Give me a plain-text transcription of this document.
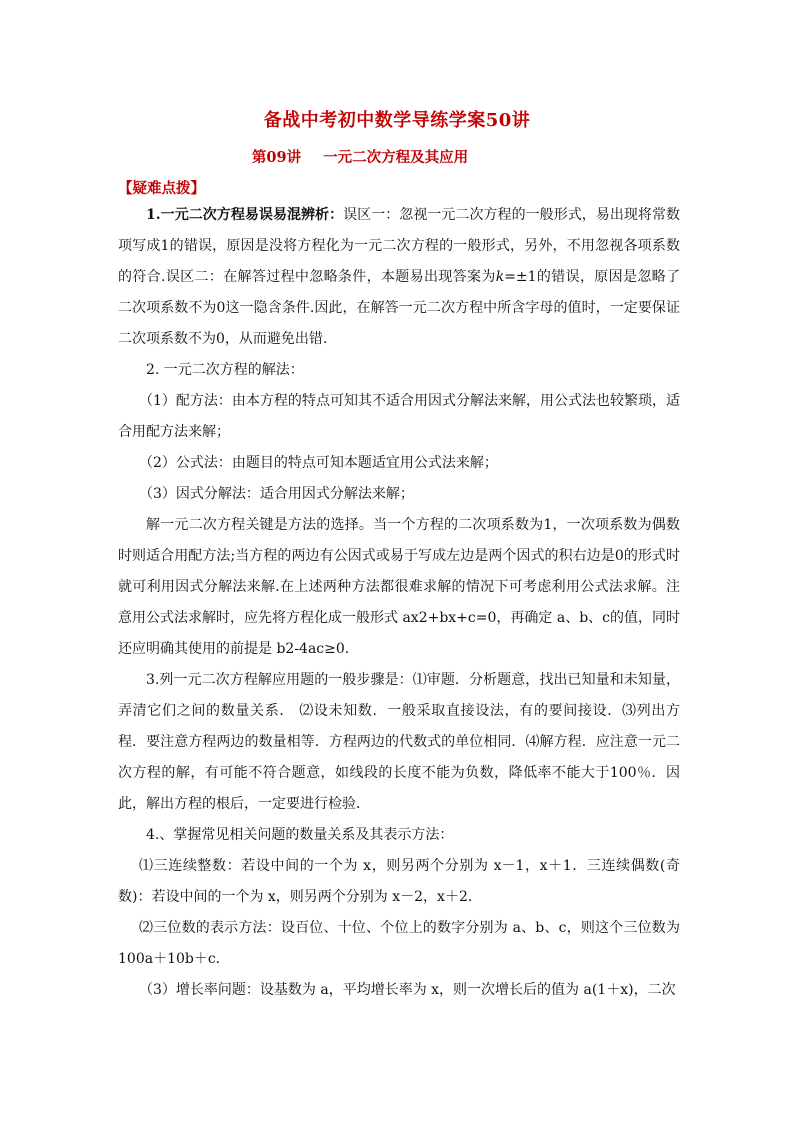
备战中考初中数学导练学案50讲
第09讲 一元二次方程及其应用
【疑难点拨】

1.一元二次方程易误易混辨析：误区一：忽视一元二次方程的一般形式，易出现将常数项写成1的错误，原因是没将方程化为一元二次方程的一般形式，另外，不用忽视各项系数的符合.误区二：在解答过程中忽略条件，本题易出现答案为k=±1的错误，原因是忽略了二次项系数不为0这一隐含条件.因此，在解答一元二次方程中所含字母的值时，一定要保证二次项系数不为0，从而避免出错.

2. 一元二次方程的解法：

（1）配方法：由本方程的特点可知其不适合用因式分解法来解，用公式法也较繁琐，适合用配方法来解；

（2）公式法：由题目的特点可知本题适宜用公式法来解；

（3）因式分解法：适合用因式分解法来解；

解一元二次方程关键是方法的选择。当一个方程的二次项系数为1，一次项系数为偶数时则适合用配方法;当方程的两边有公因式或易于写成左边是两个因式的积右边是0的形式时就可利用因式分解法来解.在上述两种方法都很难求解的情况下可考虑利用公式法求解。注意用公式法求解时，应先将方程化成一般形式 ax2+bx+c=0，再确定 a、b、c的值，同时还应明确其使用的前提是 b2-4ac≥0.

3.列一元二次方程解应用题的一般步骤是：⑴审题．分析题意，找出已知量和未知量，弄清它们之间的数量关系． ⑵设未知数．一般采取直接设法，有的要间接设．⑶列出方程．要注意方程两边的数量相等．方程两边的代数式的单位相同．⑷解方程．应注意一元二次方程的解，有可能不符合题意，如线段的长度不能为负数，降低率不能大于100％．因此，解出方程的根后，一定要进行检验．

4.、掌握常见相关问题的数量关系及其表示方法：

⑴三连续整数：若设中间的一个为 x，则另两个分别为 x－1，x＋1．三连续偶数(奇数)：若设中间的一个为 x，则另两个分别为 x－2，x＋2．

⑵三位数的表示方法：设百位、十位、个位上的数字分别为 a、b、c，则这个三位数为 100a＋10b＋c．

（3）增长率问题：设基数为 a，平均增长率为 x，则一次增长后的值为 a(1＋x)，二次
